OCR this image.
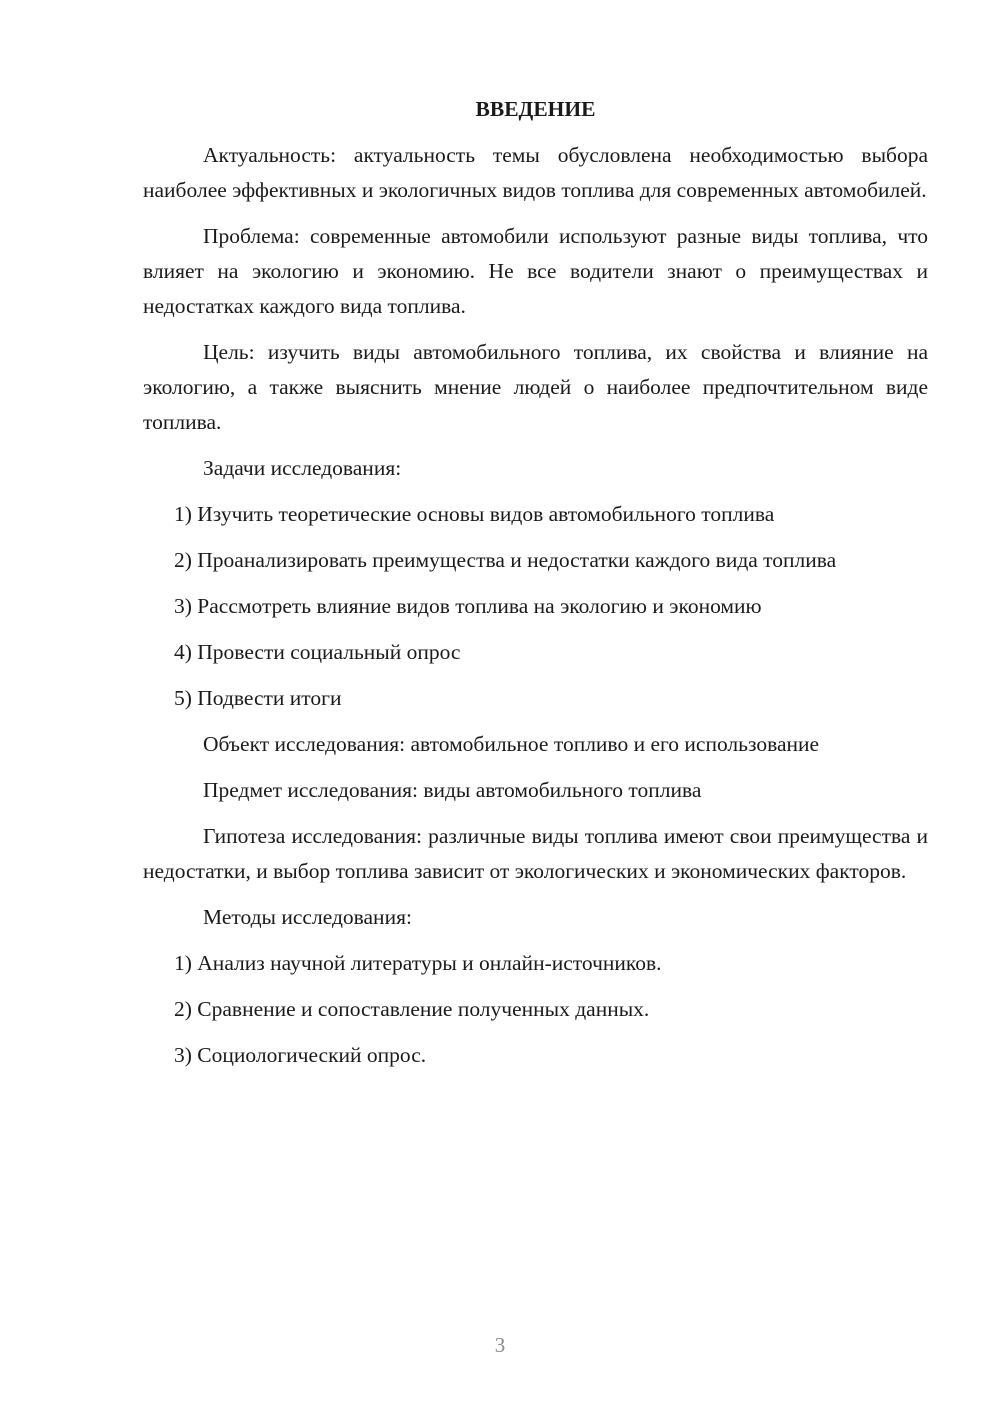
ВВЕДЕНИЕ

Актуальность: актуальность темы обусловлена необходимостью выбора наиболее эффективных и экологичных видов топлива для современных автомобилей.

Проблема: современные автомобили используют разные виды топлива, что влияет на экологию и экономию. Не все водители знают о преимуществах и недостатках каждого вида топлива.

Цель: изучить виды автомобильного топлива, их свойства и влияние на экологию, а также выяснить мнение людей о наиболее предпочтительном виде топлива.

Задачи исследования:

1) Изучить теоретические основы видов автомобильного топлива

2) Проанализировать преимущества и недостатки каждого вида топлива

3) Рассмотреть влияние видов топлива на экологию и экономию

4) Провести социальный опрос

5) Подвести итоги

Объект исследования: автомобильное топливо и его использование

Предмет исследования: виды автомобильного топлива

Гипотеза исследования: различные виды топлива имеют свои преимущества и недостатки, и выбор топлива зависит от экологических и экономических факторов.

Методы исследования:

1) Анализ научной литературы и онлайн-источников.

2) Сравнение и сопоставление полученных данных.

3) Социологический опрос.

3
